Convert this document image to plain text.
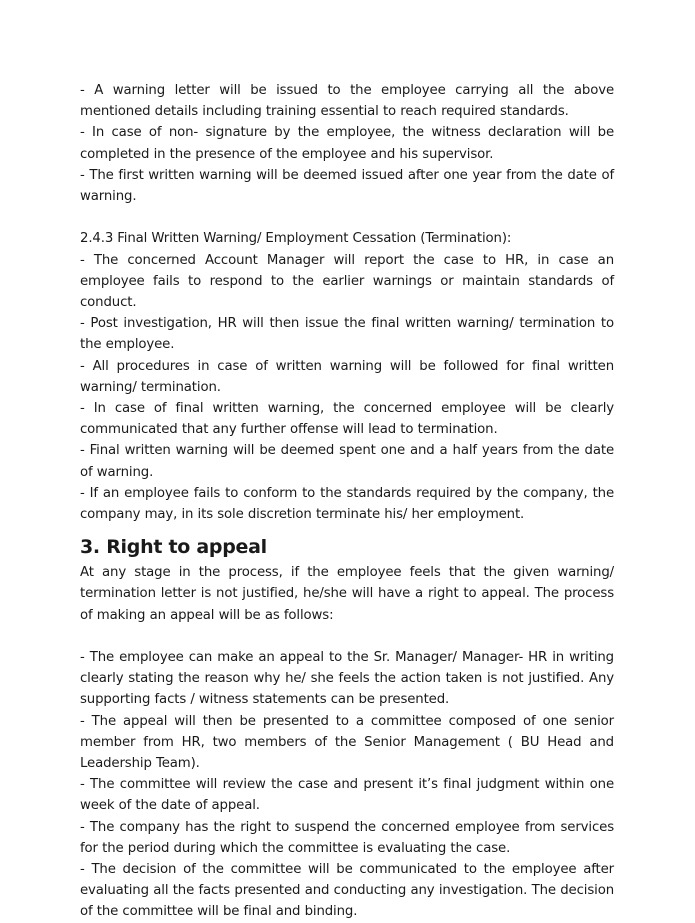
- A warning letter will be issued to the employee carrying all the above mentioned details including training essential to reach required standards.

- In case of non- signature by the employee, the witness declaration will be completed in the presence of the employee and his supervisor.

- The first written warning will be deemed issued after one year from the date of warning.

2.4.3 Final Written Warning/ Employment Cessation (Termination):

- The concerned Account Manager will report the case to HR, in case an employee fails to respond to the earlier warnings or maintain standards of conduct.

- Post investigation, HR will then issue the final written warning/ termination to the employee.

- All procedures in case of written warning will be followed for final written warning/ termination.

- In case of final written warning, the concerned employee will be clearly communicated that any further offense will lead to termination.

- Final written warning will be deemed spent one and a half years from the date of warning.

- If an employee fails to conform to the standards required by the company, the company may, in its sole discretion terminate his/ her employment.

3. Right to appeal

At any stage in the process, if the employee feels that the given warning/ termination letter is not justified, he/she will have a right to appeal. The process of making an appeal will be as follows:

- The employee can make an appeal to the Sr. Manager/ Manager- HR in writing clearly stating the reason why he/ she feels the action taken is not justified. Any supporting facts / witness statements can be presented.

- The appeal will then be presented to a committee composed of one senior member from HR, two members of the Senior Management ( BU Head and Leadership Team).

- The committee will review the case and present it’s final judgment within one week of the date of appeal.

- The company has the right to suspend the concerned employee from services for the period during which the committee is evaluating the case.

- The decision of the committee will be communicated to the employee after evaluating all the facts presented and conducting any investigation. The decision of the committee will be final and binding.
